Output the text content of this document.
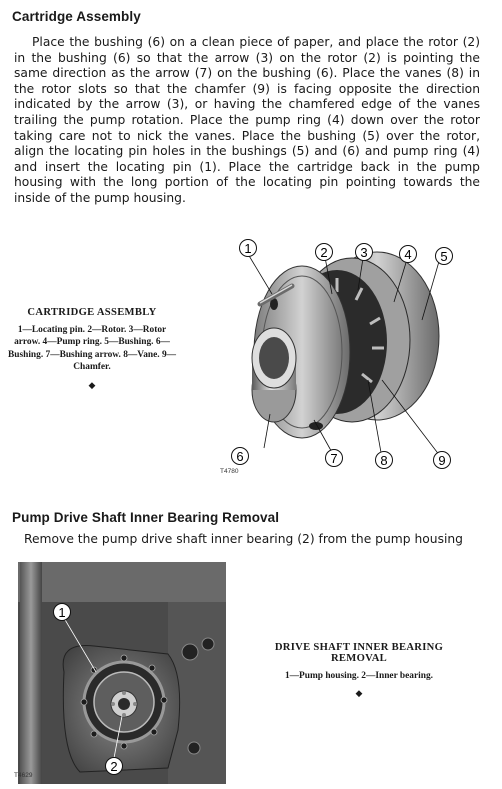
Cartridge Assembly

Place the bushing (6) on a clean piece of paper, and place the rotor (2) in the bushing (6) so that the arrow (3) on the rotor (2) is pointing the same direction as the arrow (7) on the bushing (6). Place the vanes (8) in the rotor slots so that the chamfer (9) is facing opposite the direction indicated by the arrow (3), or having the chamfered edge of the vanes trailing the pump rotation. Place the pump ring (4) down over the rotor taking care not to nick the vanes. Place the bushing (5) over the rotor, align the locating pin holes in the bushings (5) and (6) and pump ring (4) and insert the locating pin (1). Place the cartridge back in the pump housing with the long portion of the locating pin pointing towards the inside of the pump housing.

CARTRIDGE ASSEMBLY
1—Locating pin. 2—Rotor. 3—Rotor arrow. 4—Pump ring. 5—Bushing. 6—Bushing. 7—Bushing arrow. 8—Vane. 9—Chamfer.
◆
1	2	3	4 5
6	7	8	9
T4780
Pump Drive Shaft Inner Bearing Removal

Remove the pump drive shaft inner bearing (2) from the pump housing

1
2
T4629
DRIVE SHAFT INNER BEARING REMOVAL
1—Pump housing. 2—Inner bearing.
◆
